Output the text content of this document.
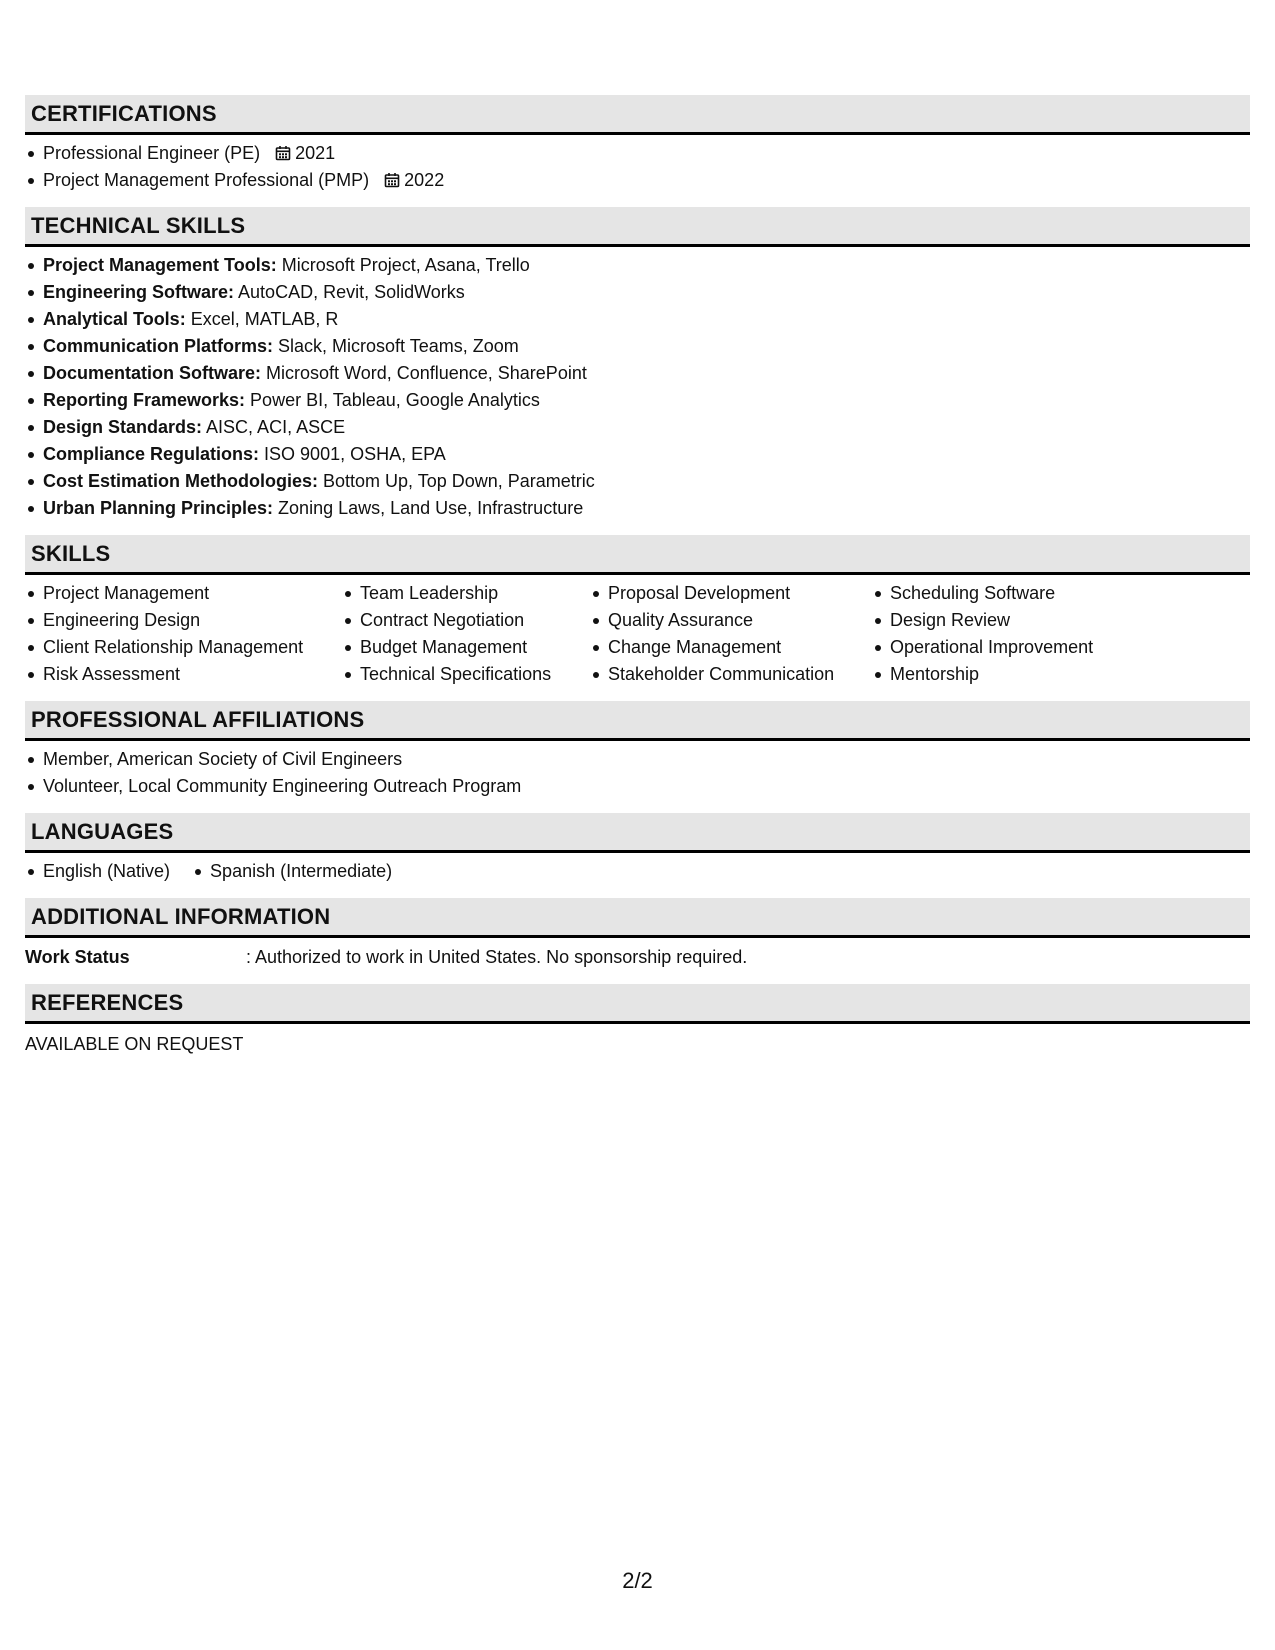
CERTIFICATIONS
Professional Engineer (PE) 2021
Project Management Professional (PMP) 2022
TECHNICAL SKILLS
Project Management Tools: Microsoft Project, Asana, Trello
Engineering Software: AutoCAD, Revit, SolidWorks
Analytical Tools: Excel, MATLAB, R
Communication Platforms: Slack, Microsoft Teams, Zoom
Documentation Software: Microsoft Word, Confluence, SharePoint
Reporting Frameworks: Power BI, Tableau, Google Analytics
Design Standards: AISC, ACI, ASCE
Compliance Regulations: ISO 9001, OSHA, EPA
Cost Estimation Methodologies: Bottom Up, Top Down, Parametric
Urban Planning Principles: Zoning Laws, Land Use, Infrastructure
SKILLS
Project Management
Engineering Design
Client Relationship Management
Risk Assessment
Team Leadership
Contract Negotiation
Budget Management
Technical Specifications
Proposal Development
Quality Assurance
Change Management
Stakeholder Communication
Scheduling Software
Design Review
Operational Improvement
Mentorship
PROFESSIONAL AFFILIATIONS
Member, American Society of Civil Engineers
Volunteer, Local Community Engineering Outreach Program
LANGUAGES
English (Native)	Spanish (Intermediate)
ADDITIONAL INFORMATION
Work Status	: Authorized to work in United States. No sponsorship required.
REFERENCES
AVAILABLE ON REQUEST
2/2
